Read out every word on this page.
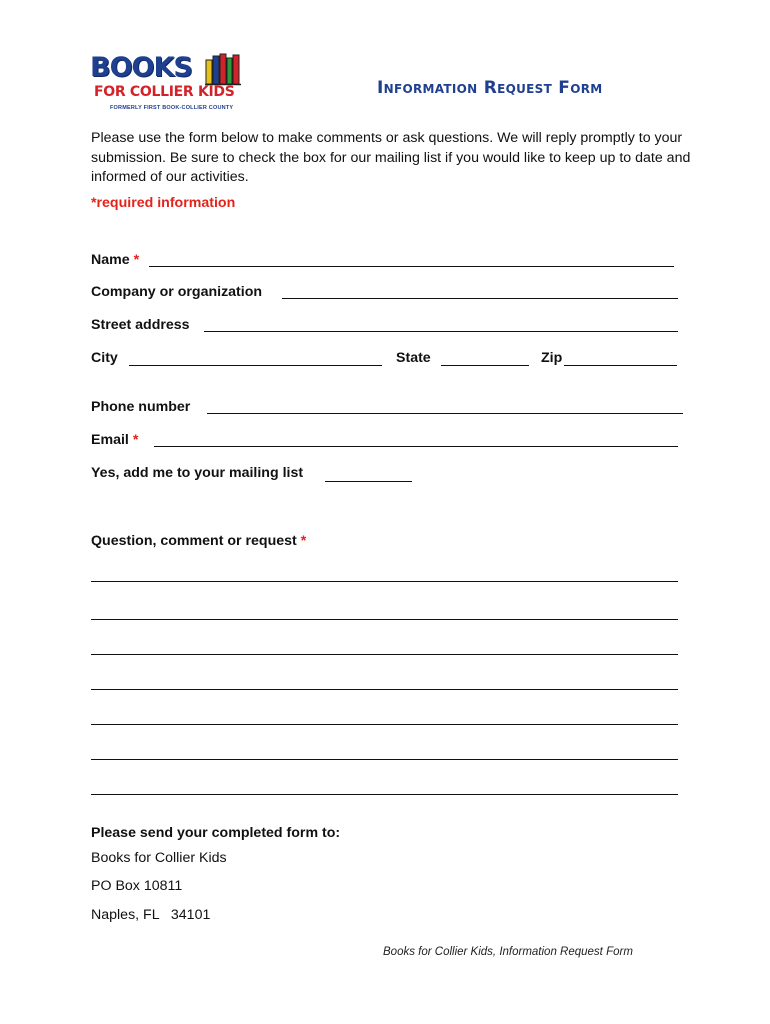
BOOKS
FOR COLLIER KIDS
FORMERLY FIRST BOOK-COLLIER COUNTY
Information Request Form
Please use the form below to make comments or ask questions. We will reply promptly to your submission. Be sure to check the box for our mailing list if you would like to keep up to date and informed of our activities.
*required information
Name *
Company or organization
Street address
City	State	Zip
Phone number
Email *
Yes, add me to your mailing list
Question, comment or request *
Please send your completed form to:
Books for Collier Kids
PO Box 10811
Naples, FL   34101
Books for Collier Kids, Information Request Form
